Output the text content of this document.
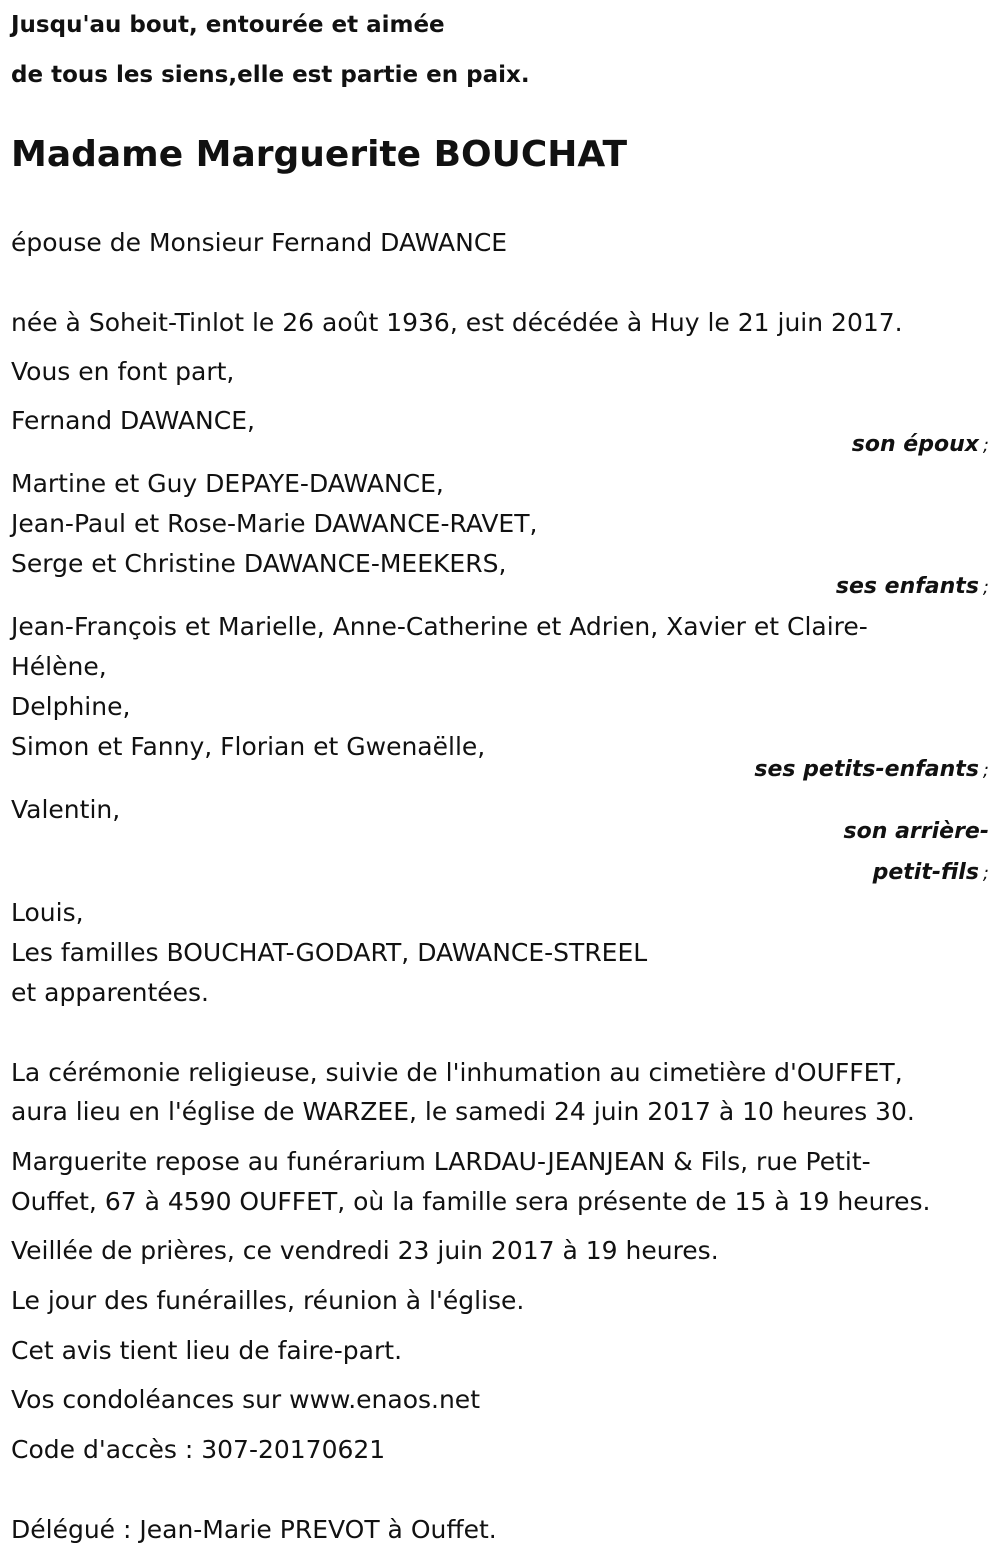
Jusqu'au bout, entourée et aimée
de tous les siens,elle est partie en paix.
Madame Marguerite BOUCHAT
épouse de Monsieur Fernand DAWANCE
née à Soheit-Tinlot le 26 août 1936, est décédée à Huy le 21 juin 2017.
Vous en font part,
Fernand DAWANCE,
son époux ;
Martine et Guy DEPAYE-DAWANCE,
Jean-Paul et Rose-Marie DAWANCE-RAVET,
Serge et Christine DAWANCE-MEEKERS,
ses enfants ;
Jean-François et Marielle, Anne-Catherine et Adrien, Xavier et Claire-
Hélène,
Delphine,
Simon et Fanny, Florian et Gwenaëlle,
ses petits-enfants ;
Valentin,
son arrière-
petit-fils ;
Louis,
Les familles BOUCHAT-GODART, DAWANCE-STREEL
et apparentées.
La cérémonie religieuse, suivie de l'inhumation au cimetière d'OUFFET,
aura lieu en l'église de WARZEE, le samedi 24 juin 2017 à 10 heures 30.
Marguerite repose au funérarium LARDAU-JEANJEAN & Fils, rue Petit-
Ouffet, 67 à 4590 OUFFET, où la famille sera présente de 15 à 19 heures.
Veillée de prières, ce vendredi 23 juin 2017 à 19 heures.
Le jour des funérailles, réunion à l'église.
Cet avis tient lieu de faire-part.
Vos condoléances sur www.enaos.net
Code d'accès : 307-20170621
Délégué : Jean-Marie PREVOT à Ouffet.
